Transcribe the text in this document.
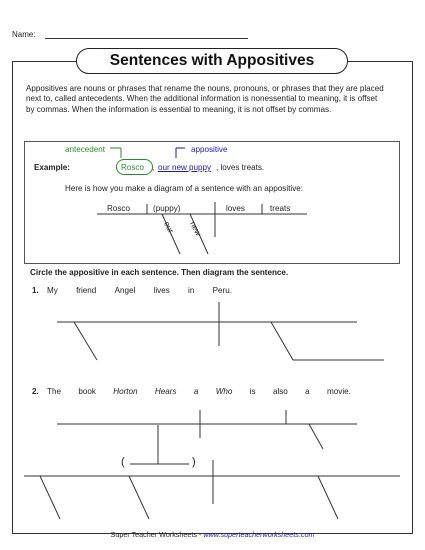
Name:
Sentences with Appositives
Appositives are nouns or phrases that rename the nouns, pronouns, or phrases that they are placed next to, called antecedents. When the additional information is nonessential to meaning, it is offset by commas. When the information is essential to meaning, it is not offset by commas.
antecedent	appositive
Example:	Rosco , our new puppy , loves treats.
Here is how you make a diagram of a sentence with an appositive:
Rosco	(puppy)	loves	treats
our new
Circle the appositive in each sentence. Then diagram the sentence.
1. My friend Angel lives in Peru.
2. The book Horton Hears a Who is also a movie.
(	)
Super Teacher Worksheets - www.superteacherworksheets.com
